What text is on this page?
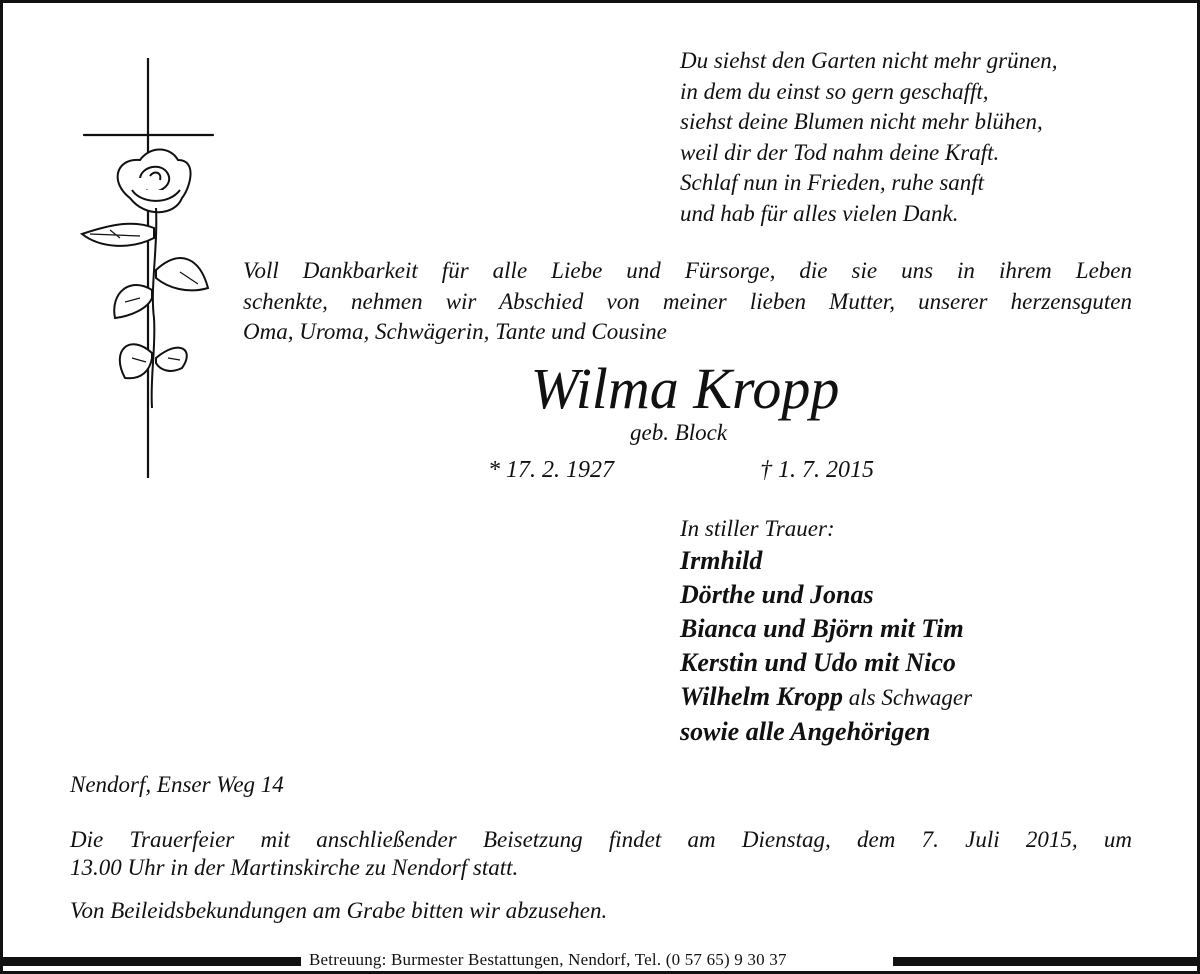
Du siehst den Garten nicht mehr grünen,
in dem du einst so gern geschafft,
siehst deine Blumen nicht mehr blühen,
weil dir der Tod nahm deine Kraft.
Schlaf nun in Frieden, ruhe sanft
und hab für alles vielen Dank.
Voll Dankbarkeit für alle Liebe und Fürsorge, die sie uns in ihrem Leben
schenkte, nehmen wir Abschied von meiner lieben Mutter, unserer herzensguten
Oma, Uroma, Schwägerin, Tante und Cousine
Wilma Kropp
geb. Block
* 17. 2. 1927	† 1. 7. 2015
In stiller Trauer:
Irmhild
Dörthe und Jonas
Bianca und Björn mit Tim
Kerstin und Udo mit Nico
Wilhelm Kropp als Schwager
sowie alle Angehörigen
Nendorf, Enser Weg 14
Die Trauerfeier mit anschließender Beisetzung findet am Dienstag, dem 7. Juli 2015, um
13.00 Uhr in der Martinskirche zu Nendorf statt.
Von Beileidsbekundungen am Grabe bitten wir abzusehen.
Betreuung: Burmester Bestattungen, Nendorf, Tel. (0 57 65) 9 30 37
